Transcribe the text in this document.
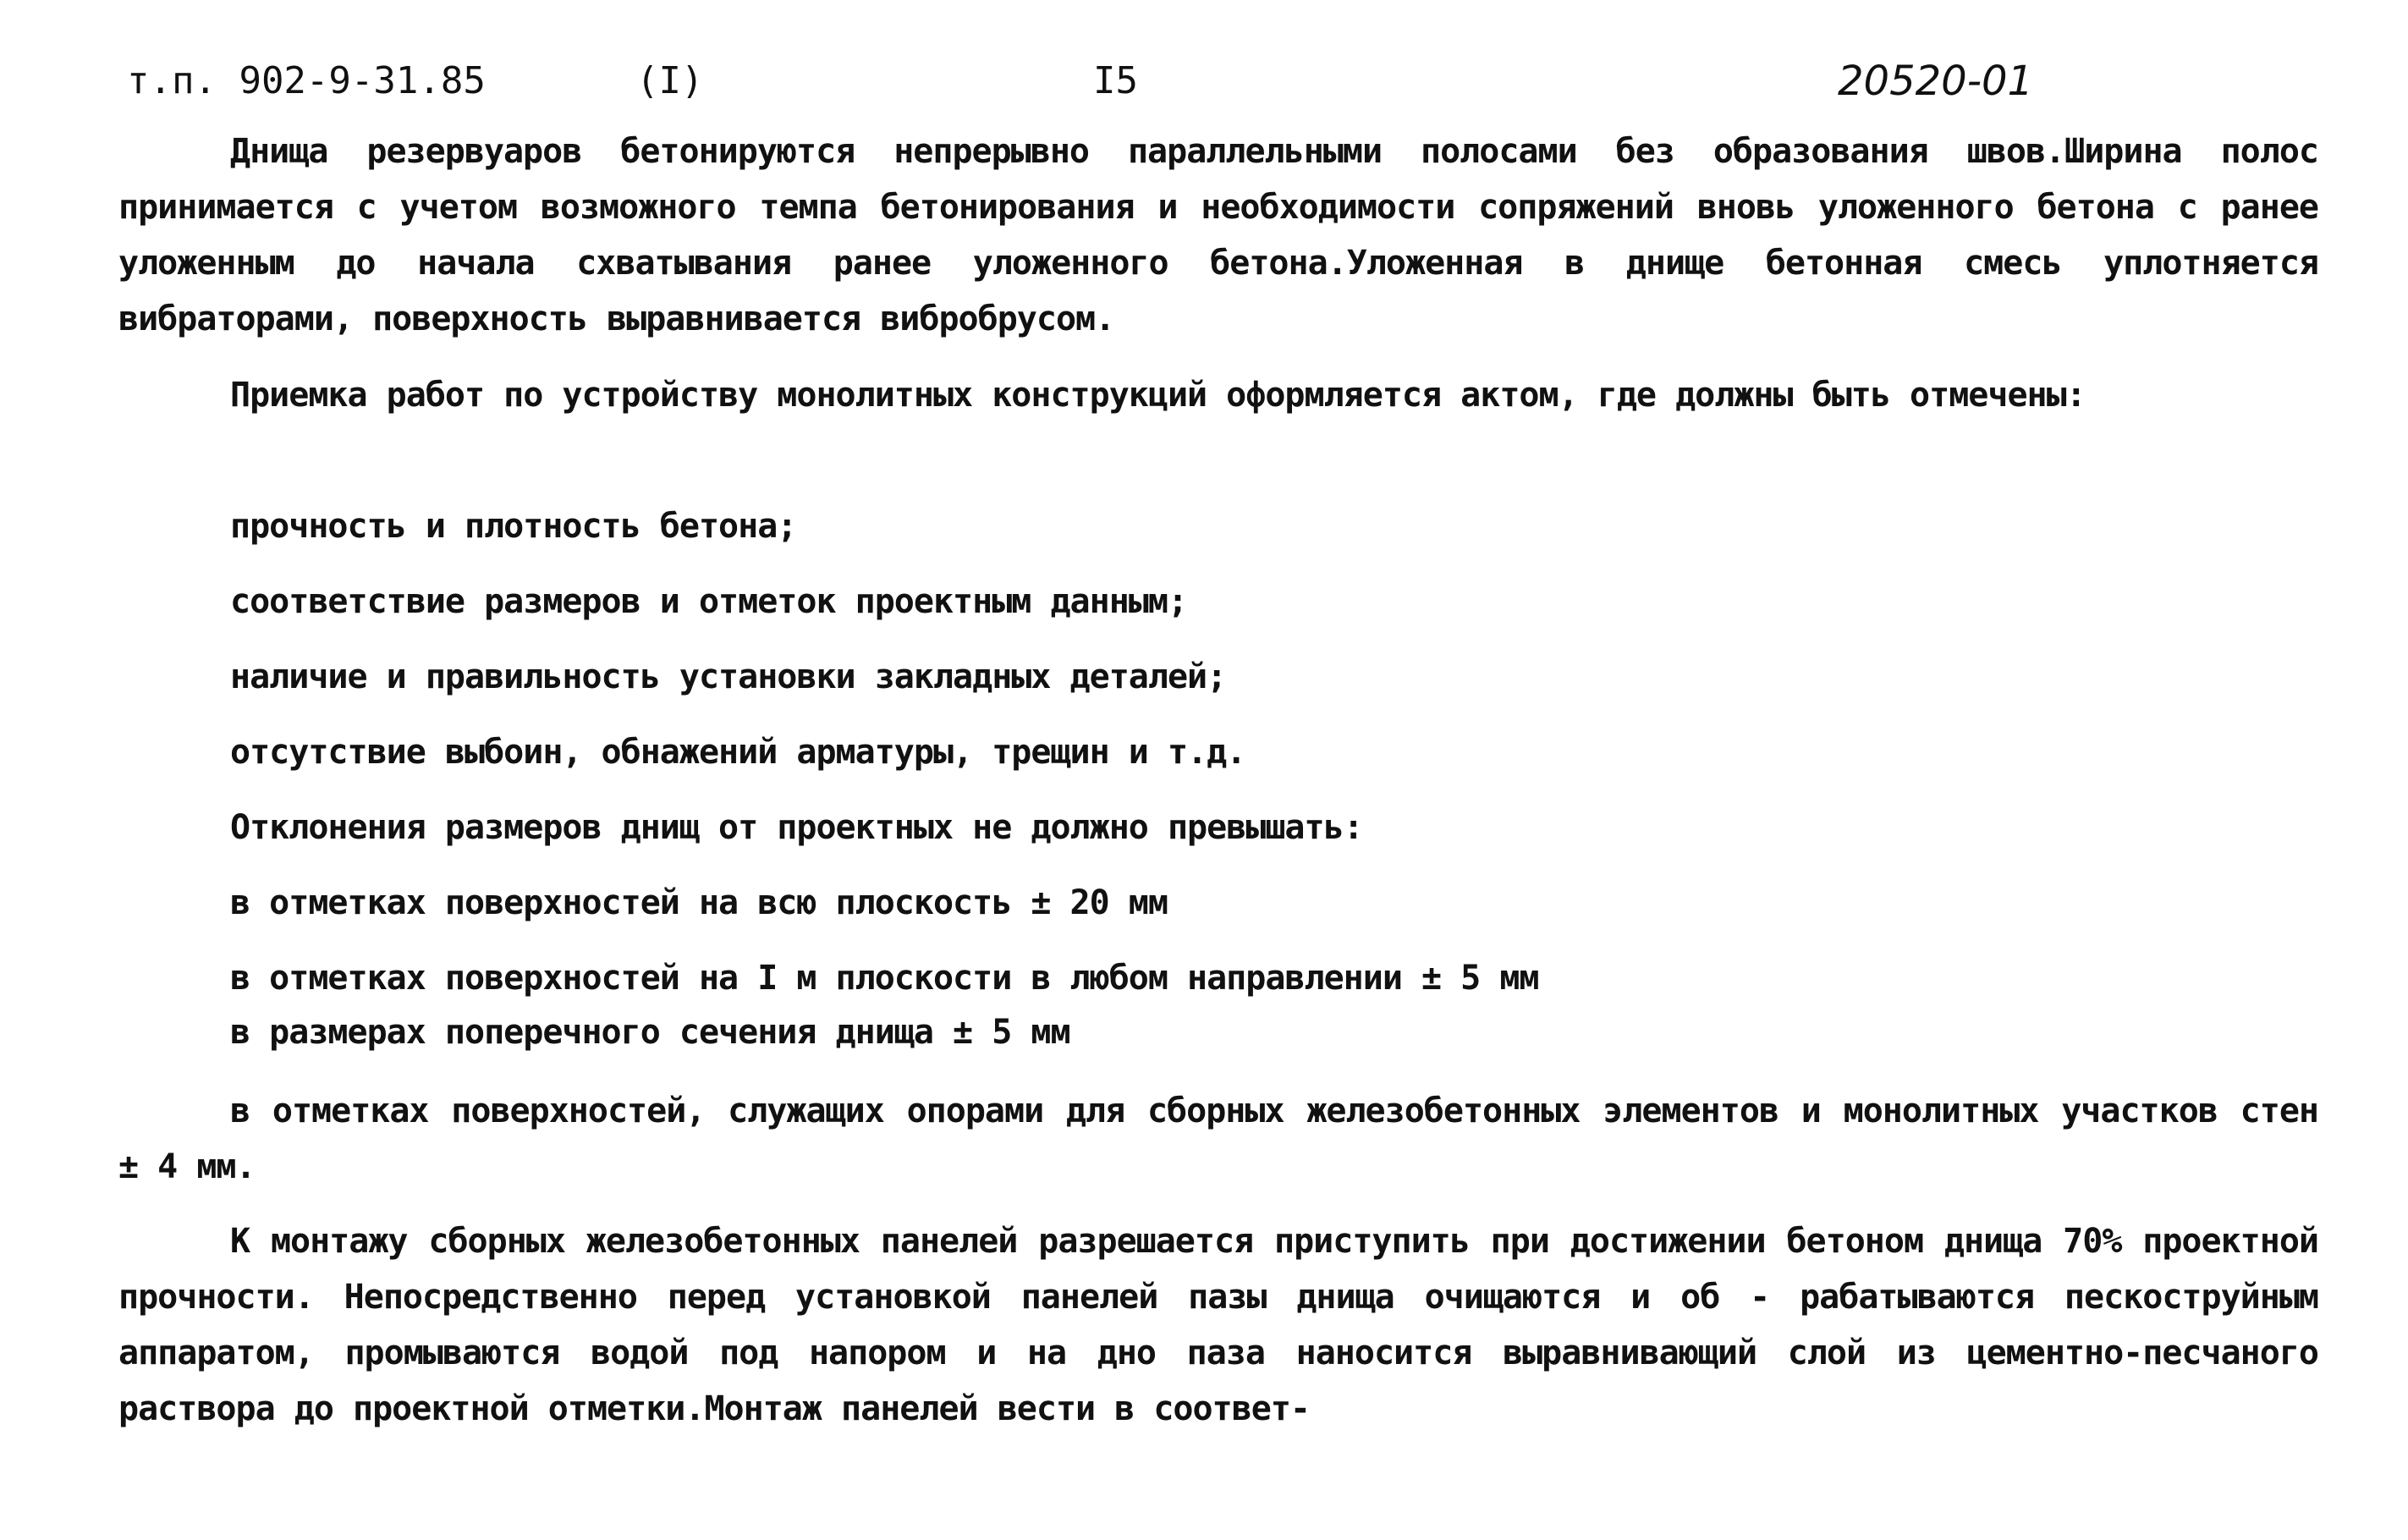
т.п. 902-9-31.85	(I)	I5	20520-01

Днища резервуаров бетонируются непрерывно параллельными полосами без образования швов.Ширина полос принимается с учетом возможного темпа бетонирования и необходимости сопряжений вновь уложенного бетона с ранее уложенным до начала схватывания ранее уложенного бетона.Уложенная в днище бетонная смесь уплотняется вибраторами, поверхность выравнивается вибробрусом.

Приемка работ по устройству монолитных конструкций оформляется актом, где должны быть отмечены:

прочность и плотность бетона;
соответствие размеров и отметок проектным данным;
наличие и правильность установки закладных деталей;
отсутствие выбоин, обнажений арматуры, трещин и т.д.
Отклонения размеров днищ от проектных не должно превышать:
в отметках поверхностей на всю плоскость ± 20 мм
в отметках поверхностей на I м плоскости в любом направлении ± 5 мм
в размерах поперечного сечения днища ± 5 мм

в отметках поверхностей, служащих опорами для сборных железобетонных элементов и монолитных участков стен ± 4 мм.

К монтажу сборных железобетонных панелей разрешается приступить при достижении бетоном днища 70% проектной прочности. Непосредственно перед установкой панелей пазы днища очищаются и об - рабатываются пескоструйным аппаратом, промываются водой под напором и на дно паза наносится выравнивающий слой из цементно-песчаного раствора до проектной отметки.Монтаж панелей вести в соответ-
